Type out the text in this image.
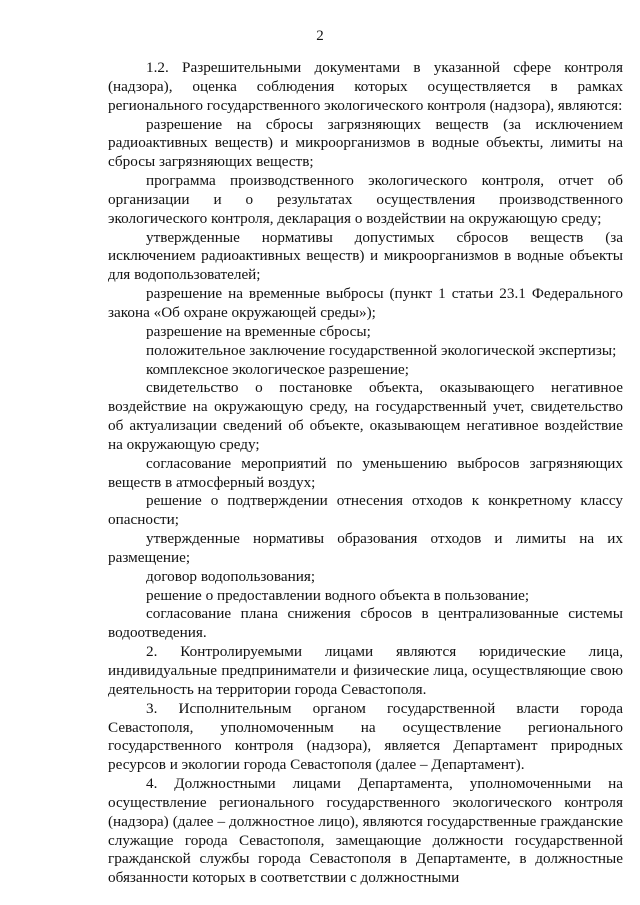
2

1.2. Разрешительными документами в указанной сфере контроля (надзора), оценка соблюдения которых осуществляется в рамках регионального государственного экологического контроля (надзора), являются:

разрешение на сбросы загрязняющих веществ (за исключением радиоактивных веществ) и микроорганизмов в водные объекты, лимиты на сбросы загрязняющих веществ;

программа производственного экологического контроля, отчет об организации и о результатах осуществления производственного экологического контроля, декларация о воздействии на окружающую среду;

утвержденные нормативы допустимых сбросов веществ (за исключением радиоактивных веществ) и микроорганизмов в водные объекты для водопользователей;

разрешение на временные выбросы (пункт 1 статьи 23.1 Федерального закона «Об охране окружающей среды»);

разрешение на временные сбросы;

положительное заключение государственной экологической экспертизы;

комплексное экологическое разрешение;

свидетельство о постановке объекта, оказывающего негативное воздействие на окружающую среду, на государственный учет, свидетельство об актуализации сведений об объекте, оказывающем негативное воздействие на окружающую среду;

согласование мероприятий по уменьшению выбросов загрязняющих веществ в атмосферный воздух;

решение о подтверждении отнесения отходов к конкретному классу опасности;

утвержденные нормативы образования отходов и лимиты на их размещение;

договор водопользования;

решение о предоставлении водного объекта в пользование;

согласование плана снижения сбросов в централизованные системы водоотведения.

2. Контролируемыми лицами являются юридические лица, индивидуальные предприниматели и физические лица, осуществляющие свою деятельность на территории города Севастополя.

3. Исполнительным органом государственной власти города Севастополя, уполномоченным на осуществление регионального государственного контроля (надзора), является Департамент природных ресурсов и экологии города Севастополя (далее – Департамент).

4. Должностными лицами Департамента, уполномоченными на осуществление регионального государственного экологического контроля (надзора) (далее – должностное лицо), являются государственные гражданские служащие города Севастополя, замещающие должности государственной гражданской службы города Севастополя в Департаменте, в должностные обязанности которых в соответствии с должностными
